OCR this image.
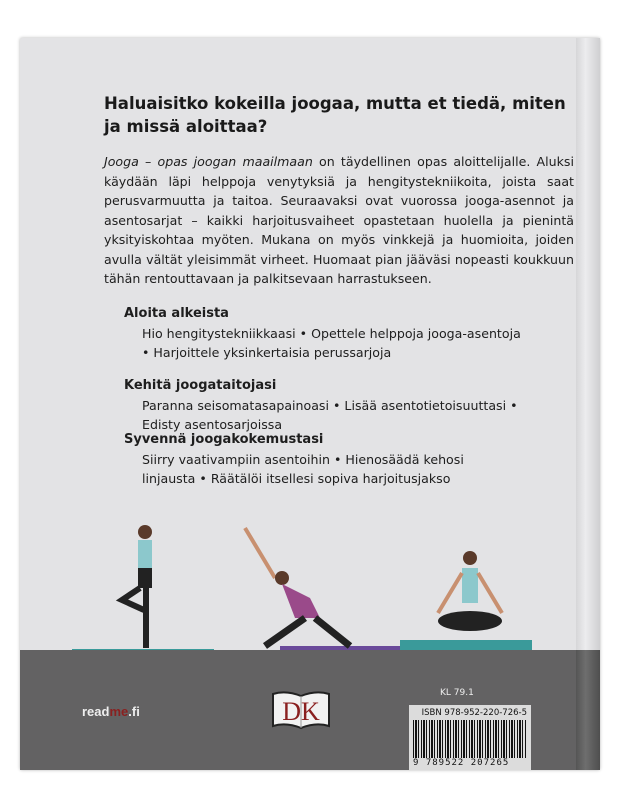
Haluaisitko kokeilla joogaa, mutta et tiedä, miten ja missä aloittaa?
Jooga – opas joogan maailmaan on täydellinen opas aloittelijalle. Aluksi käydään läpi helppoja venytyksiä ja hengitystekniikoita, joista saat perusvarmuutta ja taitoa. Seuraavaksi ovat vuorossa jooga-asennot ja asentosarjat – kaikki harjoitusvaiheet opastetaan huolella ja pienintä yksityiskohtaa myöten. Mukana on myös vinkkejä ja huomioita, joiden avulla vältät yleisimmät virheet. Huomaat pian jääväsi nopeasti koukkuun tähän rentouttavaan ja palkitsevaan harrastukseen.
Aloita alkeista

Hio hengitystekniikkaasi • Opettele helppoja jooga-asentoja • Harjoittele yksinkertaisia perussarjoja

Kehitä joogataitojasi

Paranna seisomatasapainoasi • Lisää asentotietoisuuttasi • Edisty asentosarjoissa

Syvennä joogakokemustasi

Siirry vaativampiin asentoihin • Hienosäädä kehosi linjausta • Räätälöi itsellesi sopiva harjoitusjakso

readme.fi	DK
KL 79.1
ISBN 978-952-220-726-5
9 789522 207265
